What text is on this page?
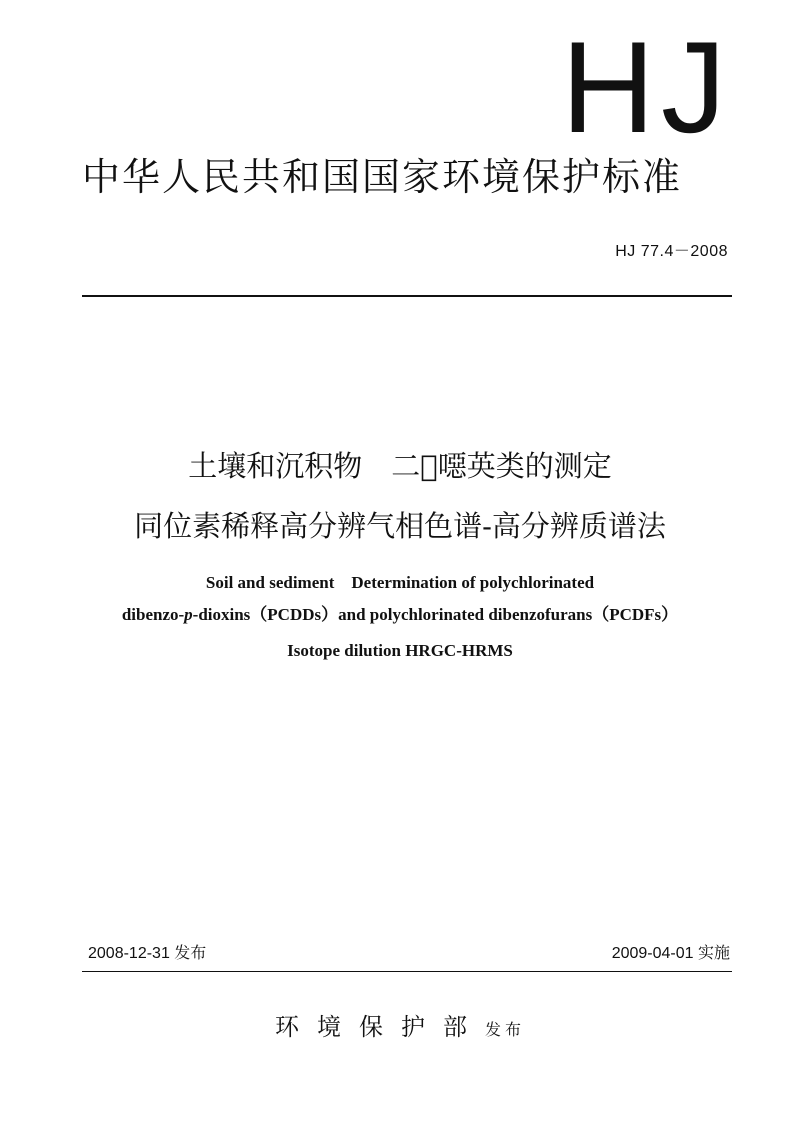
HJ
中华人民共和国国家环境保护标准
HJ 77.4－2008
土壤和沉积物　二 噁英类的测定
同位素稀释高分辨气相色谱-高分辨质谱法
Soil and sediment　Determination of polychlorinated
dibenzo-p-dioxins（PCDDs）and polychlorinated dibenzofurans（PCDFs）
Isotope dilution HRGC-HRMS
2008-12-31 发布	2009-04-01 实施
环境保护部发布
